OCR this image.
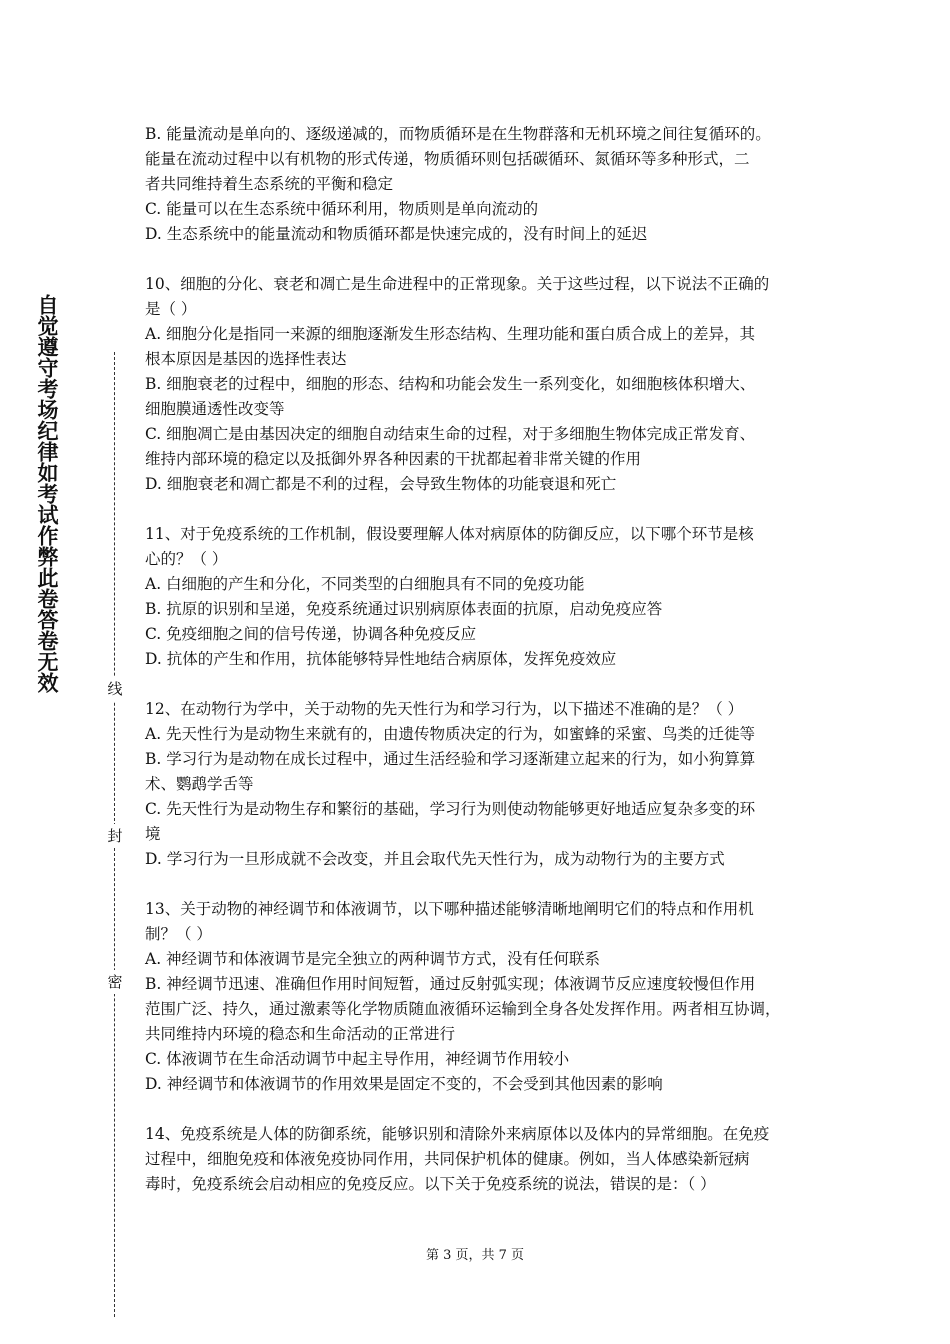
自觉遵守考场纪律如考试作弊此卷答卷无效	线
封
密
B. 能量流动是单向的、逐级递减的，而物质循环是在生物群落和无机环境之间往复循环的。
能量在流动过程中以有机物的形式传递，物质循环则包括碳循环、氮循环等多种形式，二
者共同维持着生态系统的平衡和稳定
C. 能量可以在生态系统中循环利用，物质则是单向流动的
D. 生态系统中的能量流动和物质循环都是快速完成的，没有时间上的延迟
10、细胞的分化、衰老和凋亡是生命进程中的正常现象。关于这些过程，以下说法不正确的
是（ ）
A. 细胞分化是指同一来源的细胞逐渐发生形态结构、生理功能和蛋白质合成上的差异，其
根本原因是基因的选择性表达
B. 细胞衰老的过程中，细胞的形态、结构和功能会发生一系列变化，如细胞核体积增大、
细胞膜通透性改变等
C. 细胞凋亡是由基因决定的细胞自动结束生命的过程，对于多细胞生物体完成正常发育、
维持内部环境的稳定以及抵御外界各种因素的干扰都起着非常关键的作用
D. 细胞衰老和凋亡都是不利的过程，会导致生物体的功能衰退和死亡
11、对于免疫系统的工作机制，假设要理解人体对病原体的防御反应，以下哪个环节是核
心的？（ ）
A. 白细胞的产生和分化，不同类型的白细胞具有不同的免疫功能
B. 抗原的识别和呈递，免疫系统通过识别病原体表面的抗原，启动免疫应答
C. 免疫细胞之间的信号传递，协调各种免疫反应
D. 抗体的产生和作用，抗体能够特异性地结合病原体，发挥免疫效应
12、在动物行为学中，关于动物的先天性行为和学习行为，以下描述不准确的是？（ ）
A. 先天性行为是动物生来就有的，由遗传物质决定的行为，如蜜蜂的采蜜、鸟类的迁徙等
B. 学习行为是动物在成长过程中，通过生活经验和学习逐渐建立起来的行为，如小狗算算
术、鹦鹉学舌等
C. 先天性行为是动物生存和繁衍的基础，学习行为则使动物能够更好地适应复杂多变的环
境
D. 学习行为一旦形成就不会改变，并且会取代先天性行为，成为动物行为的主要方式
13、关于动物的神经调节和体液调节，以下哪种描述能够清晰地阐明它们的特点和作用机
制？（ ）
A. 神经调节和体液调节是完全独立的两种调节方式，没有任何联系
B. 神经调节迅速、准确但作用时间短暂，通过反射弧实现；体液调节反应速度较慢但作用
范围广泛、持久，通过激素等化学物质随血液循环运输到全身各处发挥作用。两者相互协调，
共同维持内环境的稳态和生命活动的正常进行
C. 体液调节在生命活动调节中起主导作用，神经调节作用较小
D. 神经调节和体液调节的作用效果是固定不变的，不会受到其他因素的影响
14、免疫系统是人体的防御系统，能够识别和清除外来病原体以及体内的异常细胞。在免疫
过程中，细胞免疫和体液免疫协同作用，共同保护机体的健康。例如，当人体感染新冠病
毒时，免疫系统会启动相应的免疫反应。以下关于免疫系统的说法，错误的是：（ ）
第 3 页，共 7 页
